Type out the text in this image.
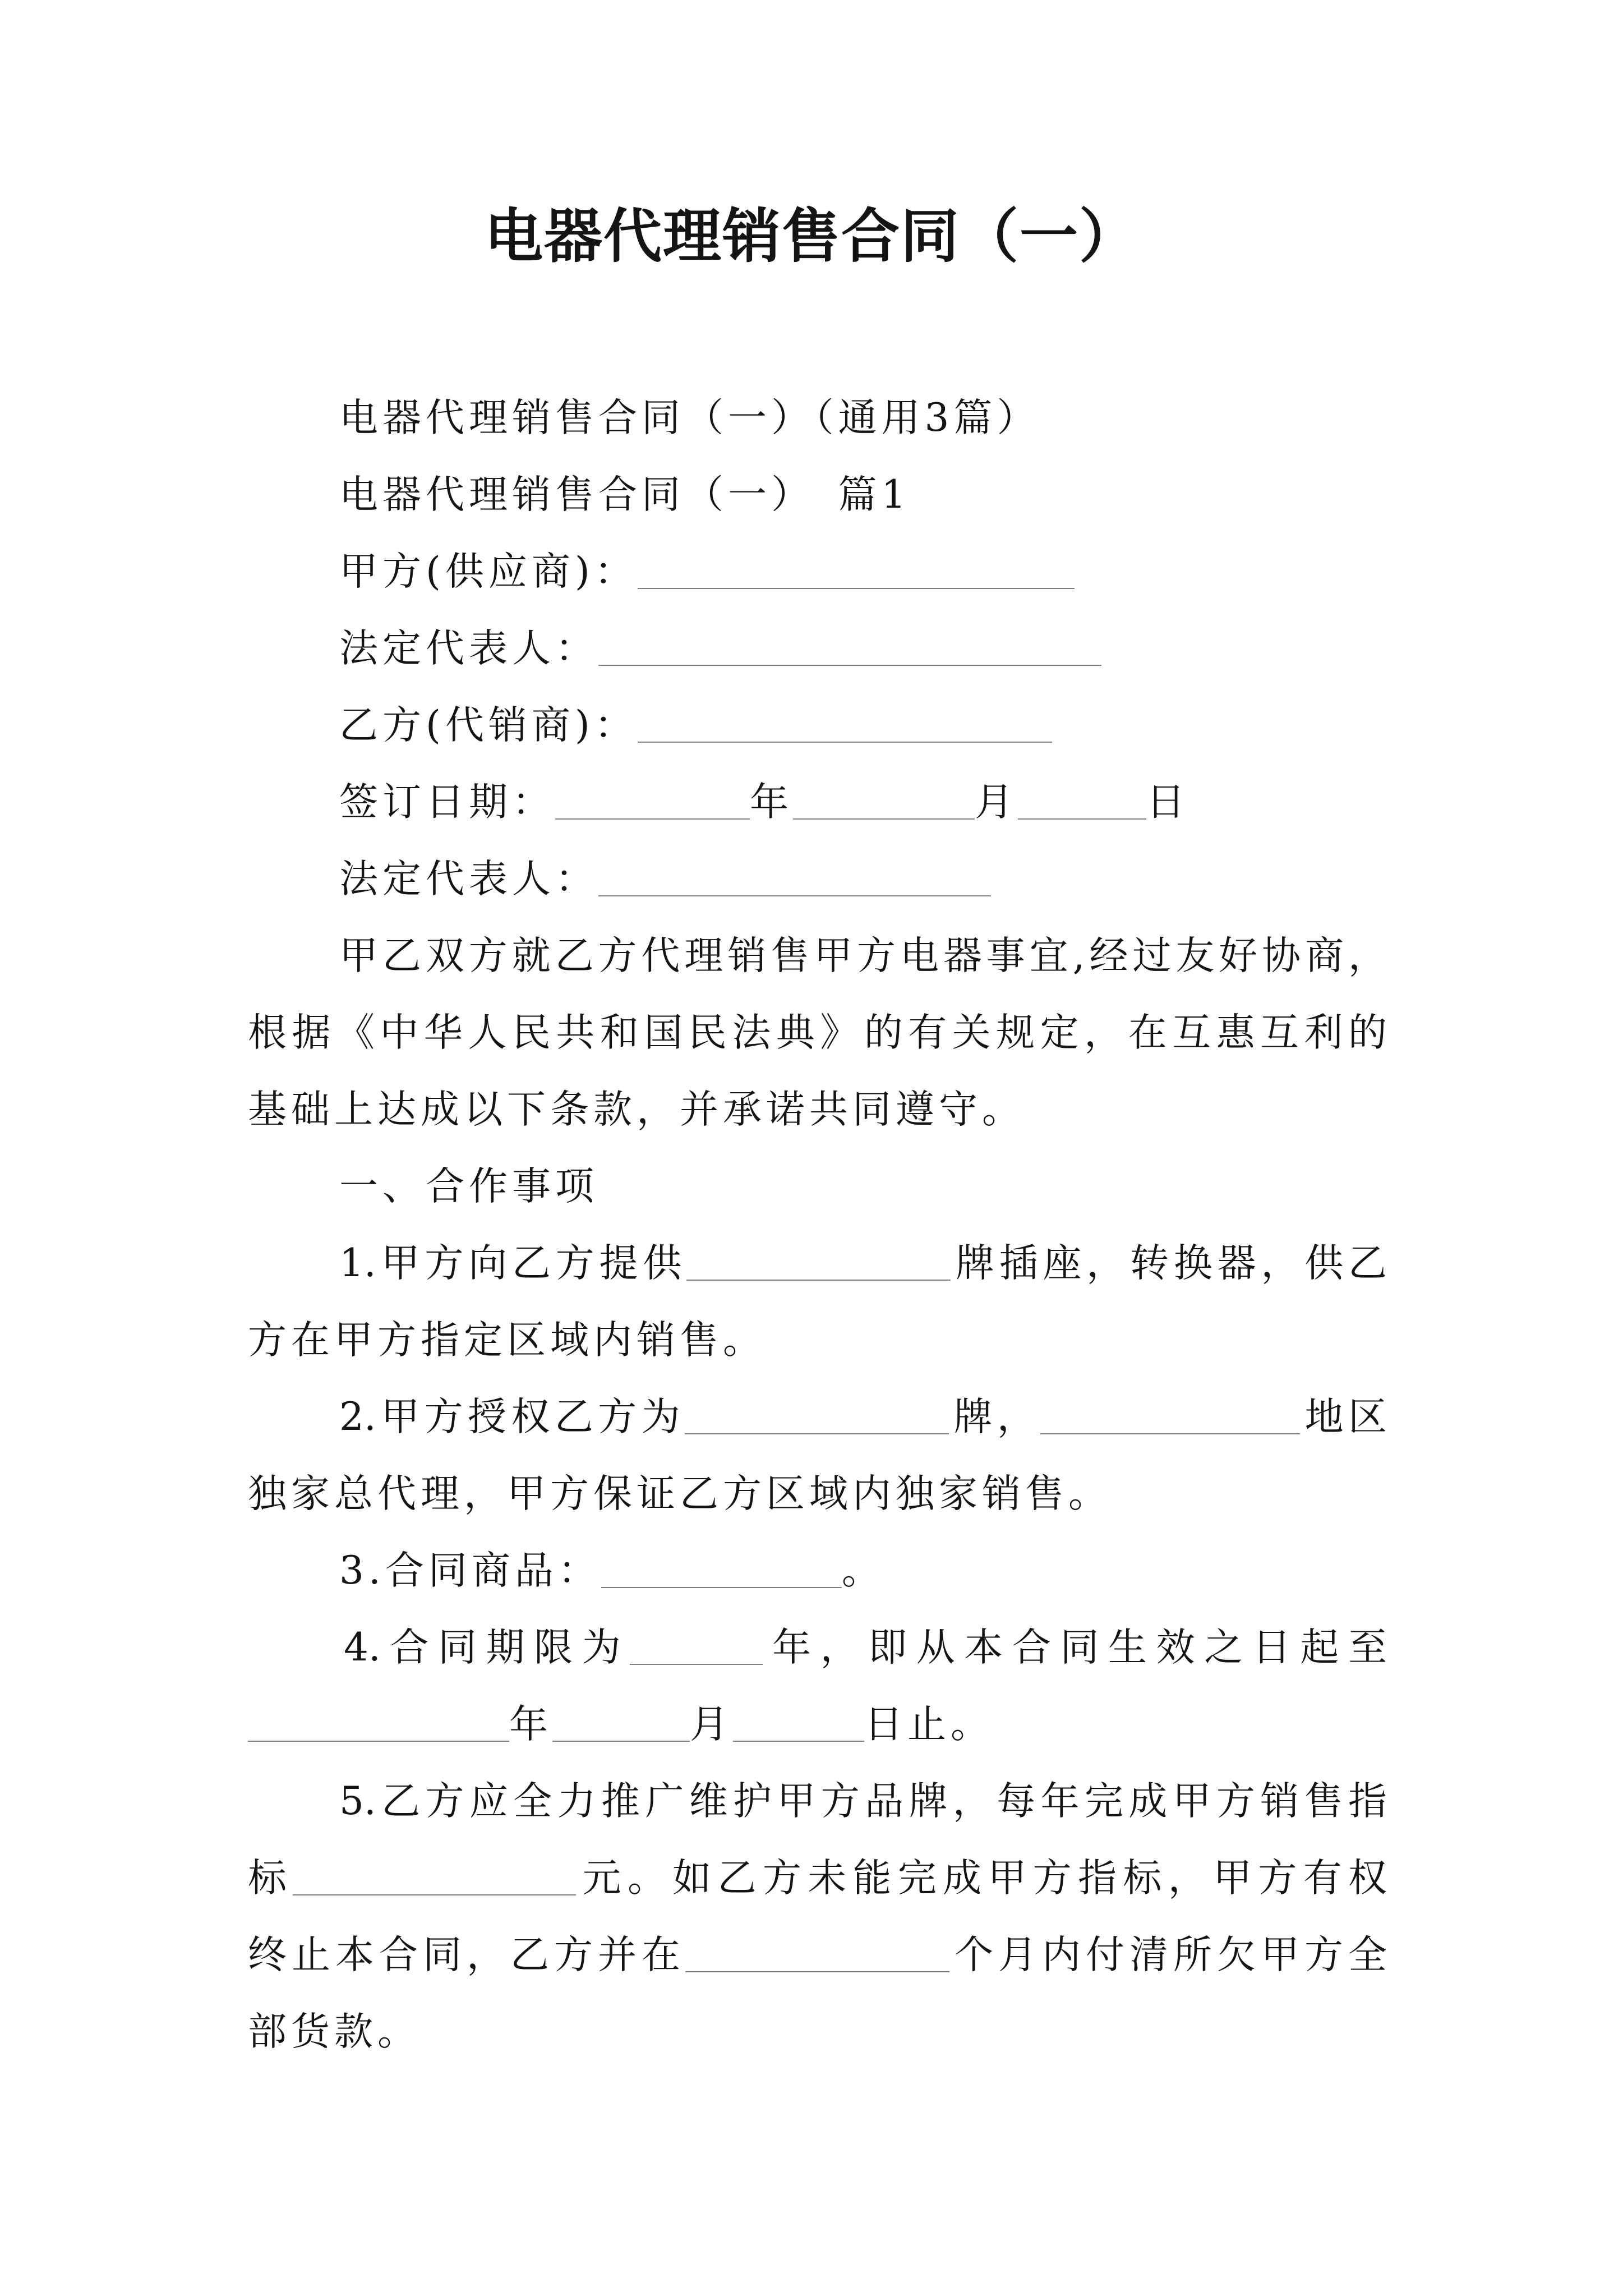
电器代理销售合同（一）
电器代理销售合同（一）（通用3篇）
电器代理销售合同（一）　篇1
甲方(供应商)：
法定代表人：
乙方(代销商)：
签订日期：	年	月	日
法定代表人：
甲乙双方就乙方代理销售甲方电器事宜,经过友好协商，
根据《中华人民共和国民法典》的有关规定，在互惠互利的
基础上达成以下条款，并承诺共同遵守。
一、合作事项
1.甲方向乙方提供	牌插座，转换器，供乙
方在甲方指定区域内销售。
2.甲方授权乙方为	牌，	地区
独家总代理，甲方保证乙方区域内独家销售。
3.合同商品：	。
4.合同期限为	年，即从本合同生效之日起至
年	月	日止。
5.乙方应全力推广维护甲方品牌，每年完成甲方销售指
标	元。如乙方未能完成甲方指标，甲方有权
终止本合同，乙方并在	个月内付清所欠甲方全
部货款。
